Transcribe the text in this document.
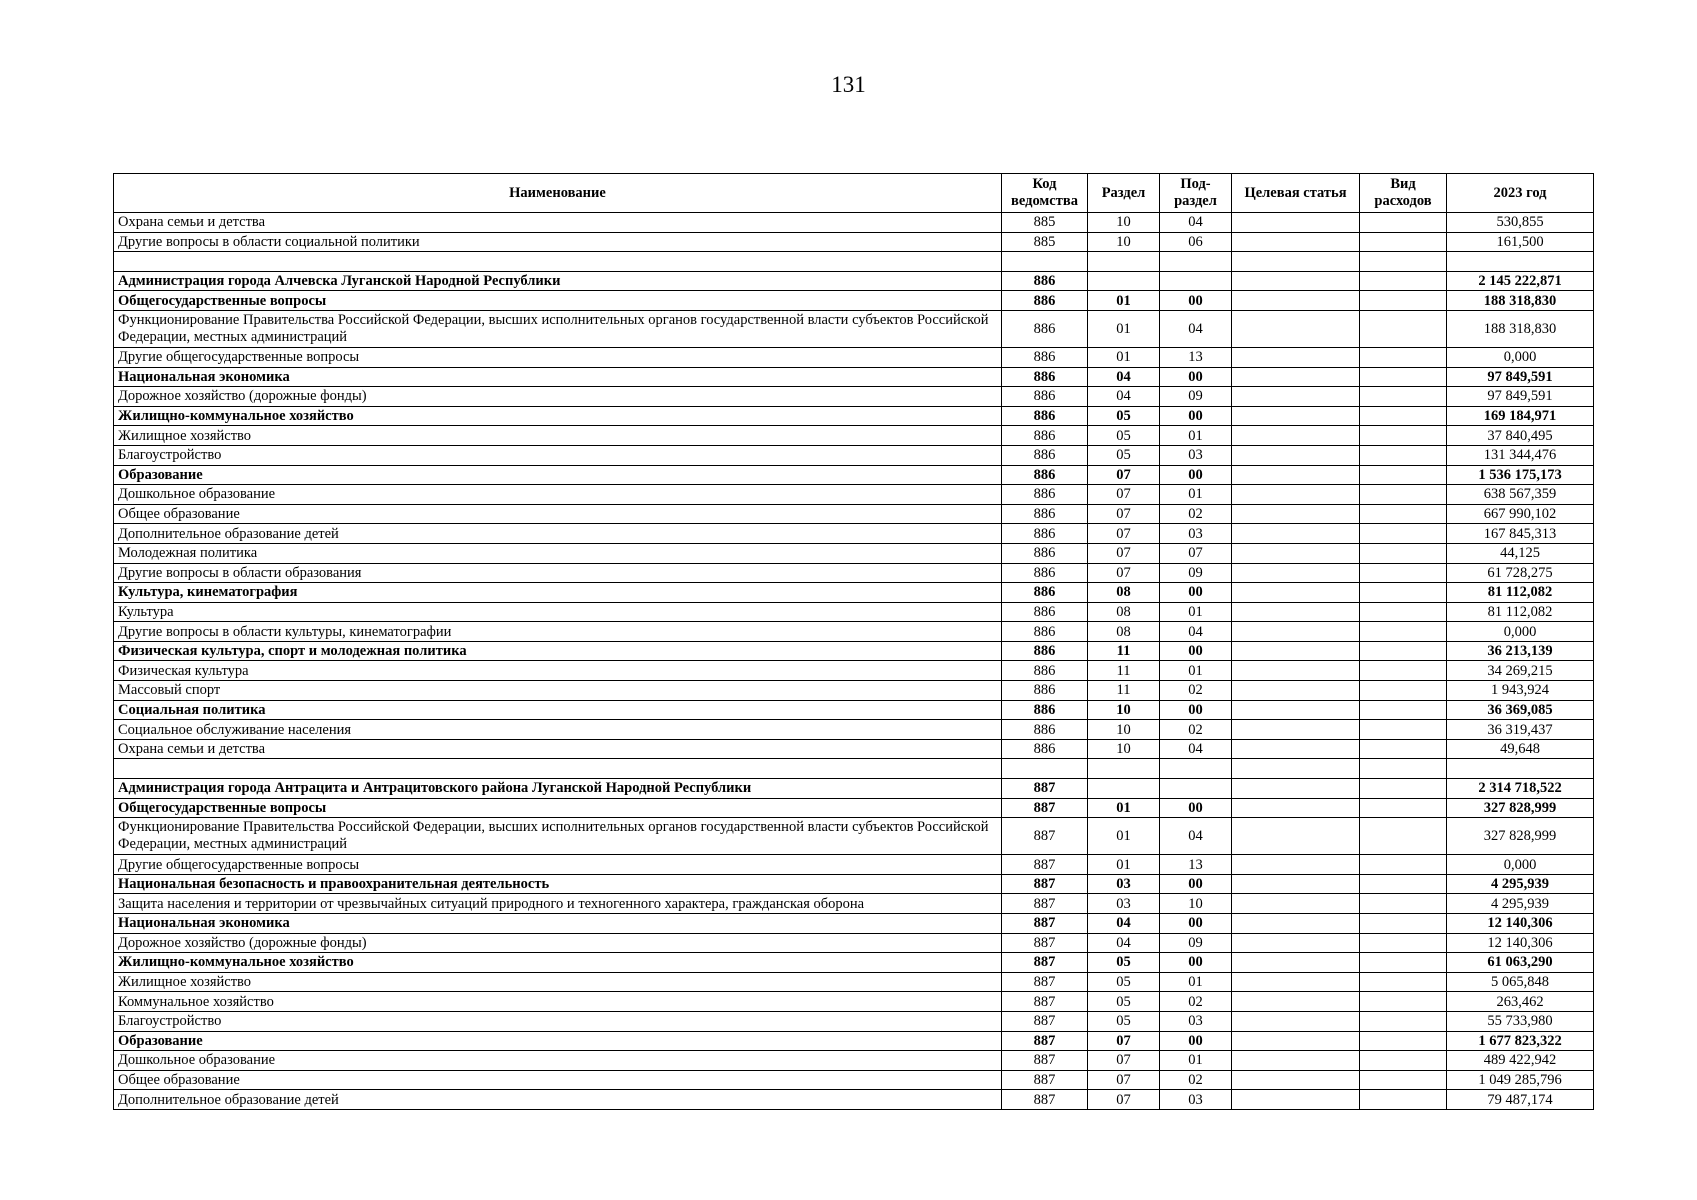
131
Наименование	Код ведомства	Раздел	Под-раздел	Целевая статья	Вид расходов	2023 год
Охрана семьи и детства	885	10	04			530,855
Другие вопросы в области социальной политики	885	10	06			161,500

Администрация города Алчевска Луганской Народной Республики	886					2 145 222,871
Общегосударственные вопросы	886	01	00			188 318,830
Функционирование Правительства Российской Федерации, высших исполнительных органов государственной власти субъектов Российской Федерации, местных администраций	886	01	04			188 318,830
Другие общегосударственные вопросы	886	01	13			0,000
Национальная экономика	886	04	00			97 849,591
Дорожное хозяйство (дорожные фонды)	886	04	09			97 849,591
Жилищно-коммунальное хозяйство	886	05	00			169 184,971
Жилищное хозяйство	886	05	01			37 840,495
Благоустройство	886	05	03			131 344,476
Образование	886	07	00			1 536 175,173
Дошкольное образование	886	07	01			638 567,359
Общее образование	886	07	02			667 990,102
Дополнительное образование детей	886	07	03			167 845,313
Молодежная политика	886	07	07			44,125
Другие вопросы в области образования	886	07	09			61 728,275
Культура, кинематография	886	08	00			81 112,082
Культура	886	08	01			81 112,082
Другие вопросы в области культуры, кинематографии	886	08	04			0,000
Физическая культура, спорт и молодежная политика	886	11	00			36 213,139
Физическая культура	886	11	01			34 269,215
Массовый спорт	886	11	02			1 943,924
Социальная политика	886	10	00			36 369,085
Социальное обслуживание населения	886	10	02			36 319,437
Охрана семьи и детства	886	10	04			49,648

Администрация города Антрацита и Антрацитовского района Луганской Народной Республики	887					2 314 718,522
Общегосударственные вопросы	887	01	00			327 828,999
Функционирование Правительства Российской Федерации, высших исполнительных органов государственной власти субъектов Российской Федерации, местных администраций	887	01	04			327 828,999
Другие общегосударственные вопросы	887	01	13			0,000
Национальная безопасность и правоохранительная деятельность	887	03	00			4 295,939
Защита населения и территории от чрезвычайных ситуаций природного и техногенного характера, гражданская оборона	887	03	10			4 295,939
Национальная экономика	887	04	00			12 140,306
Дорожное хозяйство (дорожные фонды)	887	04	09			12 140,306
Жилищно-коммунальное хозяйство	887	05	00			61 063,290
Жилищное хозяйство	887	05	01			5 065,848
Коммунальное хозяйство	887	05	02			263,462
Благоустройство	887	05	03			55 733,980
Образование	887	07	00			1 677 823,322
Дошкольное образование	887	07	01			489 422,942
Общее образование	887	07	02			1 049 285,796
Дополнительное образование детей	887	07	03			79 487,174
